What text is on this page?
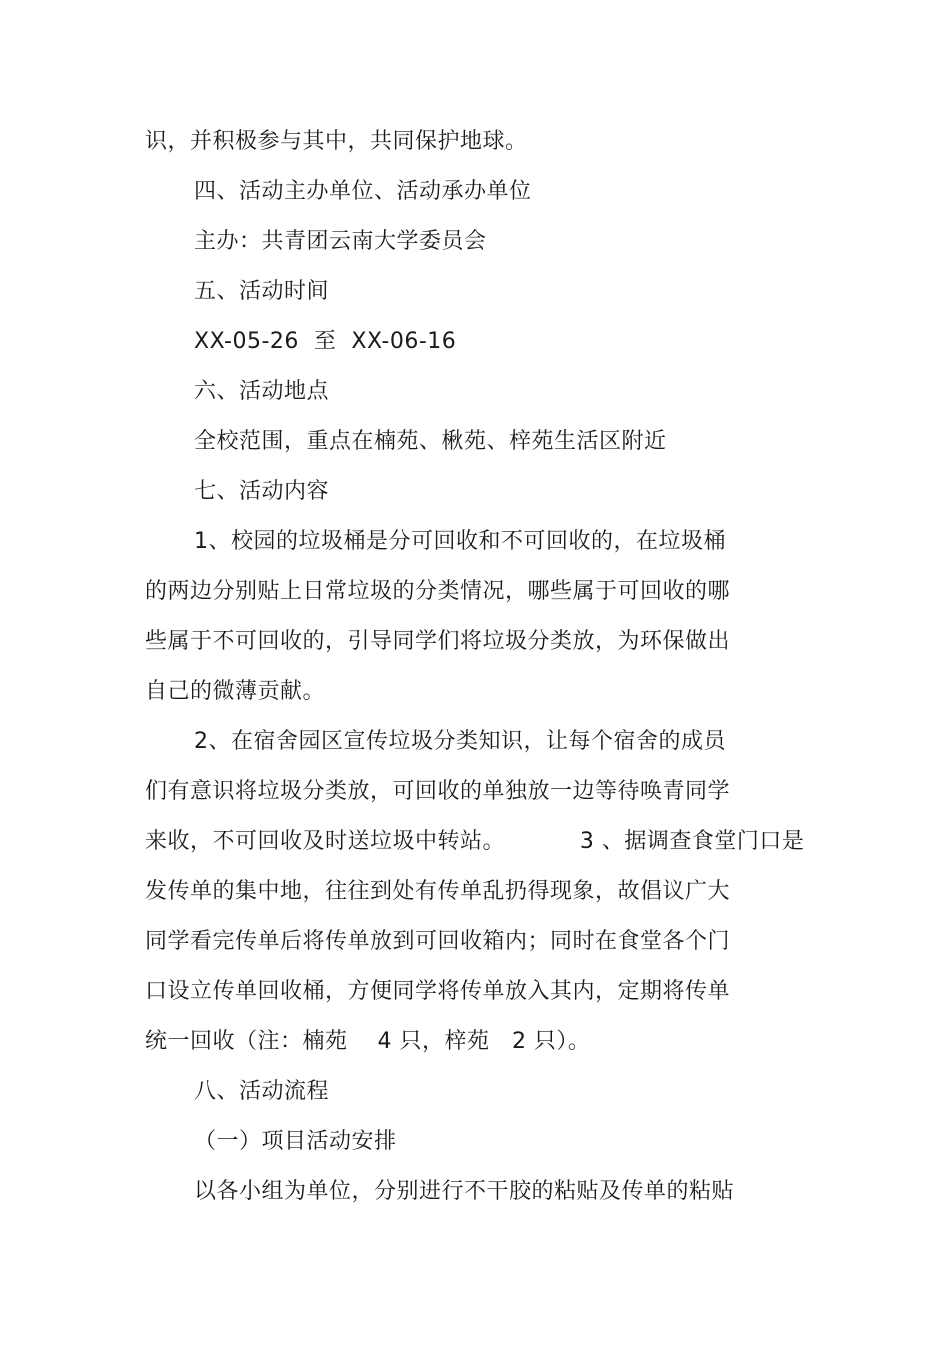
识，并积极参与其中，共同保护地球。
四、活动主办单位、活动承办单位
主办：共青团云南大学委员会
五、活动时间
XX-05-26  至  XX-06-16
六、活动地点
全校范围，重点在楠苑、楸苑、梓苑生活区附近
七、活动内容
1、校园的垃圾桶是分可回收和不可回收的，在垃圾桶
的两边分别贴上日常垃圾的分类情况，哪些属于可回收的哪
些属于不可回收的，引导同学们将垃圾分类放，为环保做出
自己的微薄贡献。
2、在宿舍园区宣传垃圾分类知识，让每个宿舍的成员
们有意识将垃圾分类放，可回收的单独放一边等待唤青同学
来收，不可回收及时送垃圾中转站。          3 、据调查食堂门口是
发传单的集中地，往往到处有传单乱扔得现象，故倡议广大
同学看完传单后将传单放到可回收箱内；同时在食堂各个门
口设立传单回收桶，方便同学将传单放入其内，定期将传单
统一回收（注：楠苑    4 只，梓苑   2 只）。
八、活动流程
（一）项目活动安排
以各小组为单位，分别进行不干胶的粘贴及传单的粘贴
